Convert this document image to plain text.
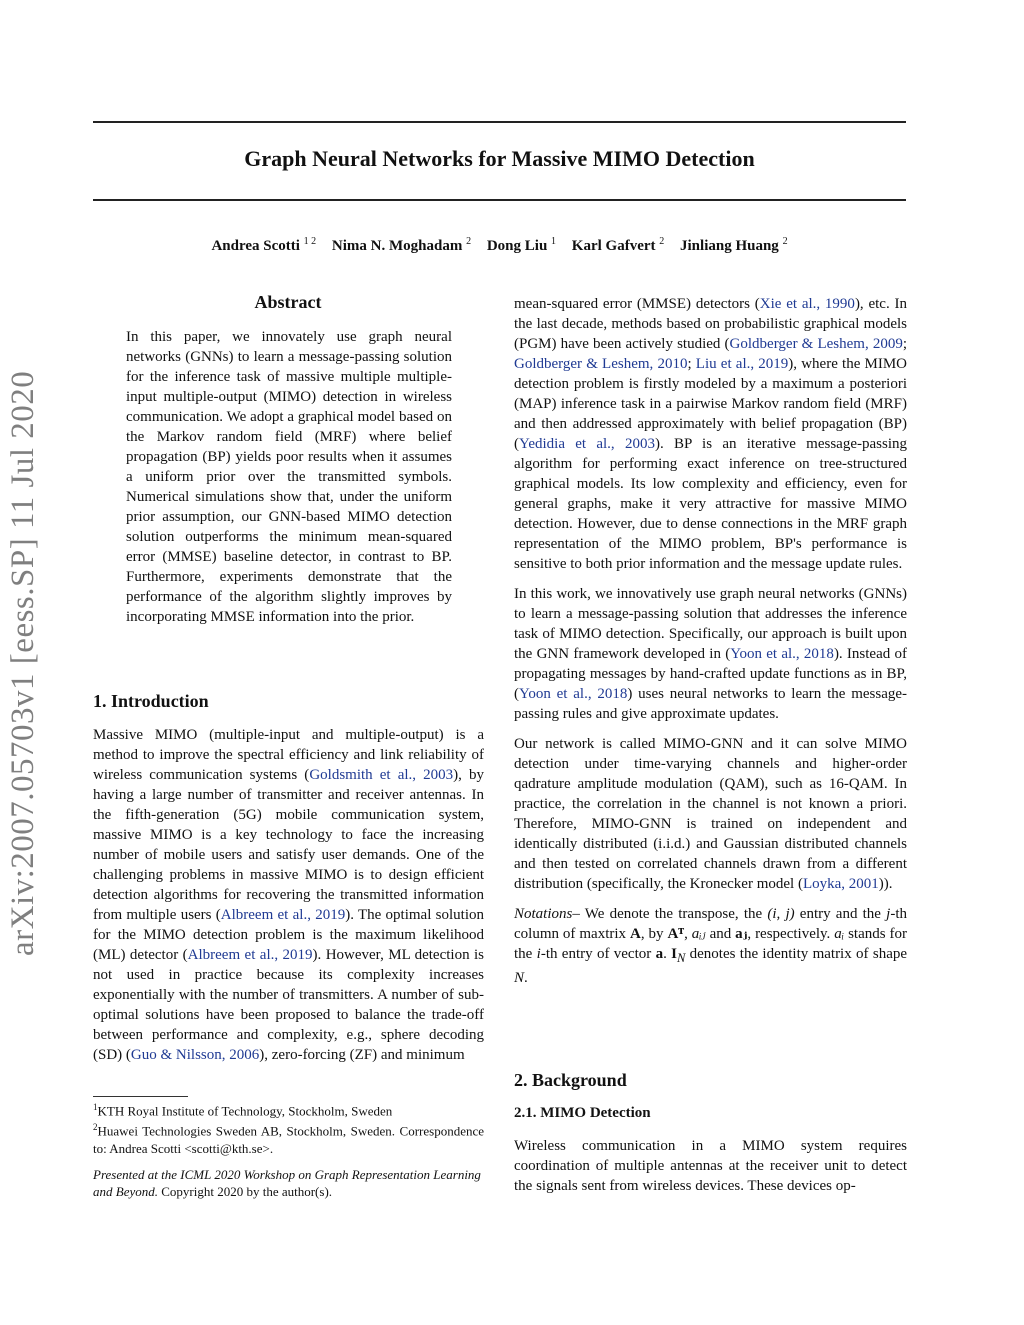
Graph Neural Networks for Massive MIMO Detection
Andrea Scotti $^{1 2}$ Nima N. Moghadam $^2$ Dong Liu $^1$ Karl Gafvert $^2$ Jinliang Huang $^2$
arXiv:2007.05703v1 [eess.SP] 11 Jul 2020
Abstract
In this paper, we innovately use graph neural networks (GNNs) to learn a message-passing solution for the inference task of massive multiple multiple-input multiple-output (MIMO) detection in wireless communication. We adopt a graphical model based on the Markov random field (MRF) where belief propagation (BP) yields poor results when it assumes a uniform prior over the transmitted symbols. Numerical simulations show that, under the uniform prior assumption, our GNN-based MIMO detection solution outperforms the minimum mean-squared error (MMSE) baseline detector, in contrast to BP. Furthermore, experiments demonstrate that the performance of the algorithm slightly improves by incorporating MMSE information into the prior.
1. Introduction

Massive MIMO (multiple-input and multiple-output) is a method to improve the spectral efficiency and link reliability of wireless communication systems (Goldsmith et al., 2003), by having a large number of transmitter and receiver antennas. In the fifth-generation (5G) mobile communication system, massive MIMO is a key technology to face the increasing number of mobile users and satisfy user demands. One of the challenging problems in massive MIMO is to design efficient detection algorithms for recovering the transmitted information from multiple users (Albreem et al., 2019). The optimal solution for the MIMO detection problem is the maximum likelihood (ML) detector (Albreem et al., 2019). However, ML detection is not used in practice because its complexity increases exponentially with the number of transmitters. A number of sub-optimal solutions have been proposed to balance the trade-off between performance and complexity, e.g., sphere decoding (SD) (Guo & Nilsson, 2006), zero-forcing (ZF) and minimum

$^1$KTH Royal Institute of Technology, Stockholm, Sweden
$^2$Huawei Technologies Sweden AB, Stockholm, Sweden. Correspondence to: Andrea Scotti <scotti@kth.se>.
Presented at the ICML 2020 Workshop on Graph Representation Learning and Beyond. Copyright 2020 by the author(s).

mean-squared error (MMSE) detectors (Xie et al., 1990), etc. In the last decade, methods based on probabilistic graphical models (PGM) have been actively studied (Goldberger & Leshem, 2009; Goldberger & Leshem, 2010; Liu et al., 2019), where the MIMO detection problem is firstly modeled by a maximum a posteriori (MAP) inference task in a pairwise Markov random field (MRF) and then addressed approximately with belief propagation (BP) (Yedidia et al., 2003). BP is an iterative message-passing algorithm for performing exact inference on tree-structured graphical models. Its low complexity and efficiency, even for general graphs, make it very attractive for massive MIMO detection. However, due to dense connections in the MRF graph representation of the MIMO problem, BP's performance is sensitive to both prior information and the message update rules.

In this work, we innovatively use graph neural networks (GNNs) to learn a message-passing solution that addresses the inference task of MIMO detection. Specifically, our approach is built upon the GNN framework developed in (Yoon et al., 2018). Instead of propagating messages by hand-crafted update functions as in BP, (Yoon et al., 2018) uses neural networks to learn the message-passing rules and give approximate updates.

Our network is called MIMO-GNN and it can solve MIMO detection under time-varying channels and higher-order qadrature amplitude modulation (QAM), such as 16-QAM. In practice, the correlation in the channel is not known a priori. Therefore, MIMO-GNN is trained on independent and identically distributed (i.i.d.) and Gaussian distributed channels and then tested on correlated channels drawn from a different distribution (specifically, the Kronecker model (Loyka, 2001)).

Notations– We denote the transpose, the (i, j) entry and the j-th column of maxtrix A, by Aᵀ, aᵢⱼ and aⱼ, respectively. aᵢ stands for the i-th entry of vector a. $I_N$ denotes the identity matrix of shape N.

2. Background
2.1. MIMO Detection

Wireless communication in a MIMO system requires coordination of multiple antennas at the receiver unit to detect the signals sent from wireless devices. These devices op-
